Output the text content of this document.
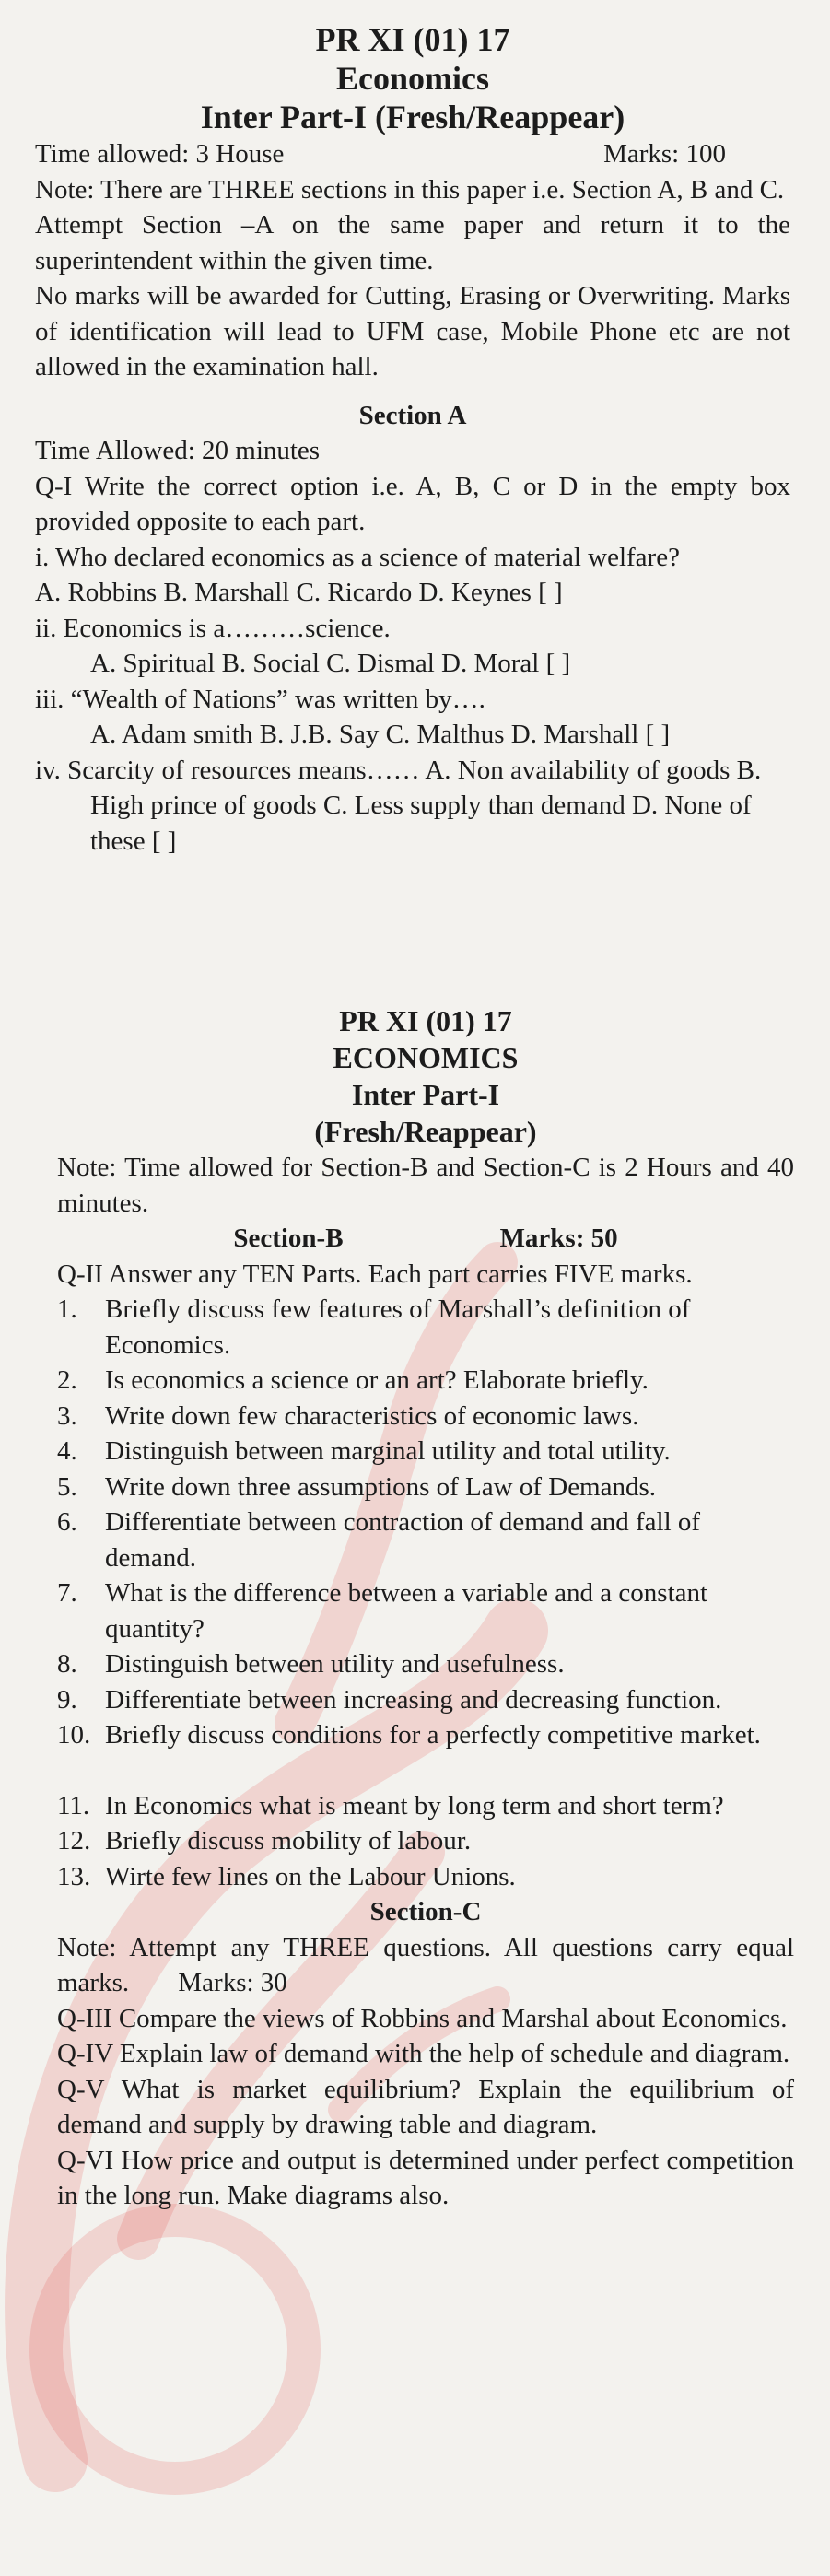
PR XI (01) 17
Economics
Inter Part-I (Fresh/Reappear)
Time allowed: 3 House	Marks: 100
Note: There are THREE sections in this paper i.e. Section A, B and C.
Attempt Section –A on the same paper and return it to the superintendent within the given time.
No marks will be awarded for Cutting, Erasing or Overwriting. Marks of identification will lead to UFM case, Mobile Phone etc are not allowed in the examination hall.
Section A
Time Allowed: 20 minutes
Q-I Write the correct option i.e. A, B, C or D in the empty box provided opposite to each part.
i. Who declared economics as a science of material welfare?
A. Robbins B. Marshall C. Ricardo D. Keynes [ ]
ii. Economics is a………science.
A. Spiritual B. Social C. Dismal D. Moral [ ]
iii. “Wealth of Nations” was written by….
A. Adam smith B. J.B. Say C. Malthus D. Marshall [ ]
iv. Scarcity of resources means…… A. Non availability of goods B. High prince of goods C. Less supply than demand D. None of these [ ]
PR XI (01) 17
ECONOMICS
Inter Part-I
(Fresh/Reappear)
Note: Time allowed for Section-B and Section-C is 2 Hours and 40 minutes.
Section-B	Marks: 50
Q-II Answer any TEN Parts. Each part carries FIVE marks.
1. Briefly discuss few features of Marshall’s definition of Economics.
2. Is economics a science or an art? Elaborate briefly.
3. Write down few characteristics of economic laws.
4. Distinguish between marginal utility and total utility.
5. Write down three assumptions of Law of Demands.
6. Differentiate between contraction of demand and fall of demand.
7. What is the difference between a variable and a constant quantity?
8. Distinguish between utility and usefulness.
9. Differentiate between increasing and decreasing function.
10. Briefly discuss conditions for a perfectly competitive market.
11. In Economics what is meant by long term and short term?
12. Briefly discuss mobility of labour.
13. Wirte few lines on the Labour Unions.
Section-C
Note: Attempt any THREE questions. All questions carry equal marks. Marks: 30
Q-III Compare the views of Robbins and Marshal about Economics.
Q-IV Explain law of demand with the help of schedule and diagram.
Q-V What is market equilibrium? Explain the equilibrium of demand and supply by drawing table and diagram.
Q-VI How price and output is determined under perfect competition in the long run. Make diagrams also.
